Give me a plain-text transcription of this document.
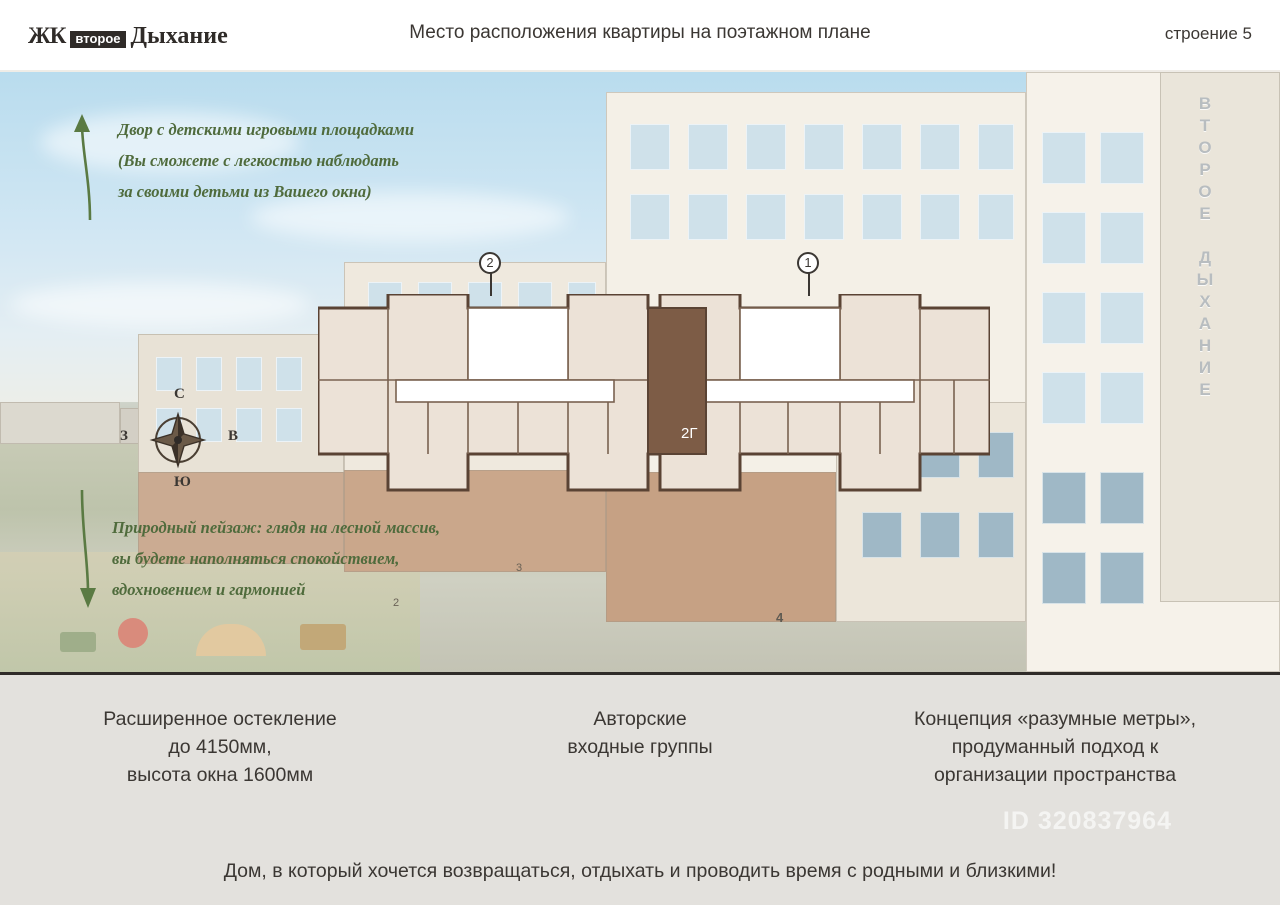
ЖК второе Дыхание	Место расположения квартиры на поэтажном плане	строение 5
ВТОРОЕ ДЫХАНИЕ
3
4
2
Двор с детскими игровыми площадками
(Вы сможете с легкостью наблюдать
за своими детьми из Вашего окна)
Природный пейзаж: глядя на лесной массив,
вы будете наполняться спокойствием,
вдохновением и гармонией
С
Ю
З	В	2Г
2	1
Расширенное остекление
до 4150мм,
высота окна 1600мм
Авторские
входные группы
Концепция «разумные метры»,
продуманный подход к
организации пространства
ID 320837964
Дом, в который хочется возвращаться, отдыхать и проводить время с родными и близкими!
